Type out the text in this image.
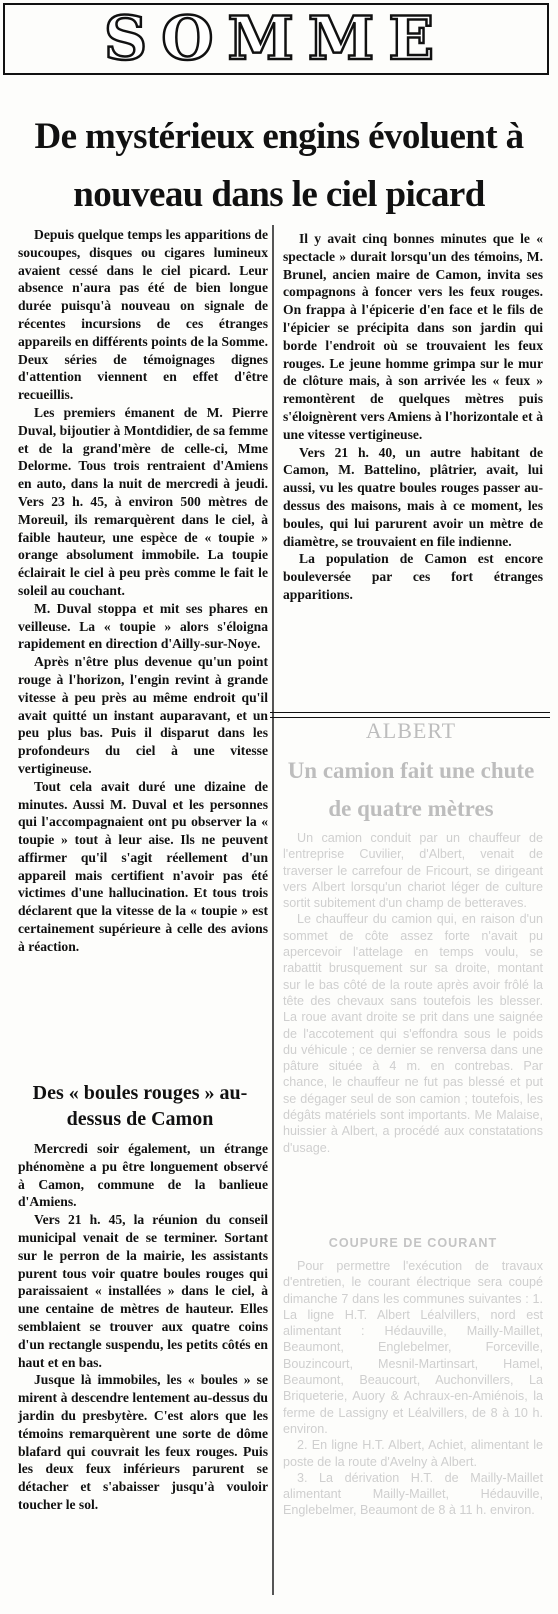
SOMME
De mystérieux engins évoluent à nouveau dans le ciel picard

Depuis quelque temps les apparitions de soucoupes, disques ou cigares lumineux avaient cessé dans le ciel picard. Leur absence n'aura pas été de bien longue durée puisqu'à nouveau on signale de récentes incursions de ces étranges appareils en différents points de la Somme. Deux séries de témoignages dignes d'attention viennent en effet d'être recueillis.

Les premiers émanent de M. Pierre Duval, bijoutier à Montdidier, de sa femme et de la grand'mère de celle-ci, Mme Delorme. Tous trois rentraient d'Amiens en auto, dans la nuit de mercredi à jeudi. Vers 23 h. 45, à environ 500 mètres de Moreuil, ils remarquèrent dans le ciel, à faible hauteur, une espèce de « toupie » orange absolument immobile. La toupie éclairait le ciel à peu près comme le fait le soleil au couchant.

M. Duval stoppa et mit ses phares en veilleuse. La « toupie » alors s'éloigna rapidement en direction d'Ailly-sur-Noye.

Après n'être plus devenue qu'un point rouge à l'horizon, l'engin revint à grande vitesse à peu près au même endroit qu'il avait quitté un instant auparavant, et un peu plus bas. Puis il disparut dans les profondeurs du ciel à une vitesse vertigineuse.

Tout cela avait duré une dizaine de minutes. Aussi M. Duval et les personnes qui l'accompagnaient ont pu observer la « toupie » tout à leur aise. Ils ne peuvent affirmer qu'il s'agit réellement d'un appareil mais certifient n'avoir pas été victimes d'une hallucination. Et tous trois déclarent que la vitesse de la « toupie » est certainement supérieure à celle des avions à réaction.

Des « boules rouges » au-dessus de Camon

Mercredi soir également, un étrange phénomène a pu être longuement observé à Camon, commune de la banlieue d'Amiens.

Vers 21 h. 45, la réunion du conseil municipal venait de se terminer. Sortant sur le perron de la mairie, les assistants purent tous voir quatre boules rouges qui paraissaient « installées » dans le ciel, à une centaine de mètres de hauteur. Elles semblaient se trouver aux quatre coins d'un rectangle suspendu, les petits côtés en haut et en bas.

Jusque là immobiles, les « boules » se mirent à descendre lentement au-dessus du jardin du presbytère. C'est alors que les témoins remarquèrent une sorte de dôme blafard qui couvrait les feux rouges. Puis les deux feux inférieurs parurent se détacher et s'abaisser jusqu'à vouloir toucher le sol.

Il y avait cinq bonnes minutes que le « spectacle » durait lorsqu'un des témoins, M. Brunel, ancien maire de Camon, invita ses compagnons à foncer vers les feux rouges. On frappa à l'épicerie d'en face et le fils de l'épicier se précipita dans son jardin qui borde l'endroit où se trouvaient les feux rouges. Le jeune homme grimpa sur le mur de clôture mais, à son arrivée les « feux » remontèrent de quelques mètres puis s'éloignèrent vers Amiens à l'horizontale et à une vitesse vertigineuse.

Vers 21 h. 40, un autre habitant de Camon, M. Battelino, plâtrier, avait, lui aussi, vu les quatre boules rouges passer au-dessus des maisons, mais à ce moment, les boules, qui lui parurent avoir un mètre de diamètre, se trouvaient en file indienne.

La population de Camon est encore bouleversée par ces fort étranges apparitions.

ALBERT
Un camion fait une chute de quatre mètres

Un camion conduit par un chauffeur de l'entreprise Cuvilier, d'Albert, venait de traverser le carrefour de Fricourt, se dirigeant vers Albert lorsqu'un chariot léger de culture sortit subitement d'un champ de betteraves.

Le chauffeur du camion qui, en raison d'un sommet de côte assez forte n'avait pu apercevoir l'attelage en temps voulu, se rabattit brusquement sur sa droite, montant sur le bas côté de la route après avoir frôlé la tête des chevaux sans toutefois les blesser. La roue avant droite se prit dans une saignée de l'accotement qui s'effondra sous le poids du véhicule ; ce dernier se renversa dans une pâture située à 4 m. en contrebas. Par chance, le chauffeur ne fut pas blessé et put se dégager seul de son camion ; toutefois, les dégâts matériels sont importants. Me Malaise, huissier à Albert, a procédé aux constatations d'usage.

COUPURE DE COURANT

Pour permettre l'exécution de travaux d'entretien, le courant électrique sera coupé dimanche 7 dans les communes suivantes : 1. La ligne H.T. Albert Léalvillers, nord est alimentant : Hédauville, Mailly-Maillet, Beaumont, Englebelmer, Forceville, Bouzincourt, Mesnil-Martinsart, Hamel, Beaumont, Beaucourt, Auchonvillers, La Briqueterie, Auory & Achraux-en-Amiénois, la ferme de Lassigny et Léalvillers, de 8 à 10 h. environ.

2. En ligne H.T. Albert, Achiet, alimentant le poste de la route d'Avelny à Albert.

3. La dérivation H.T. de Mailly-Maillet alimentant Mailly-Maillet, Hédauville, Englebelmer, Beaumont de 8 à 11 h. environ.
